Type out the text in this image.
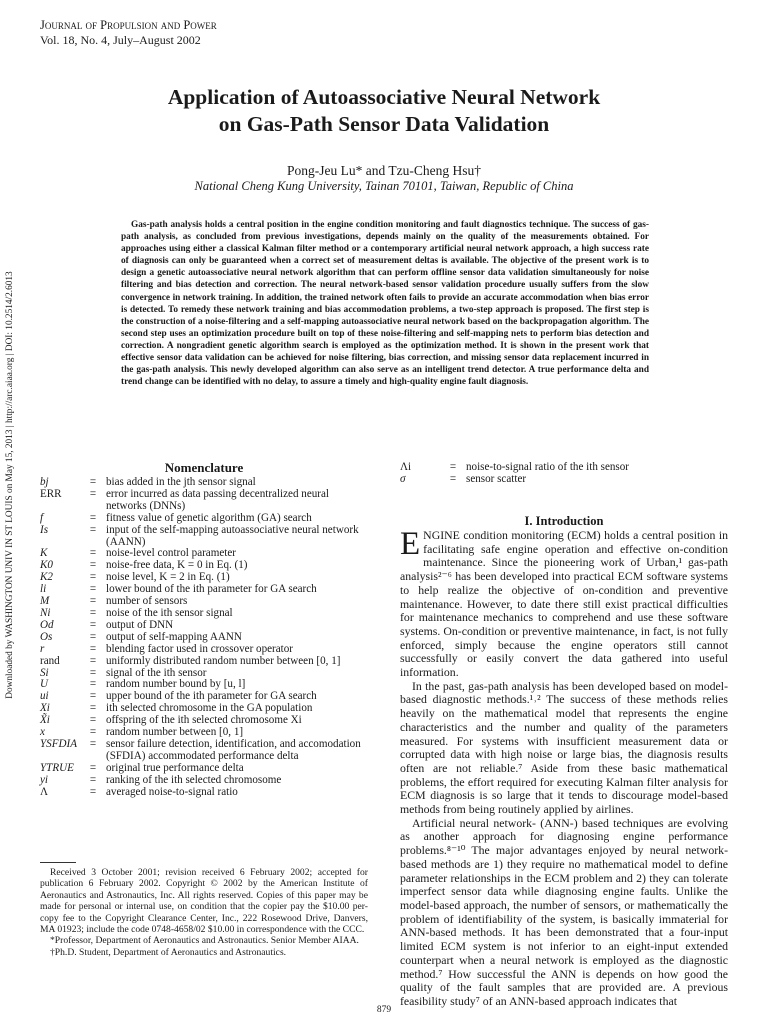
Journal of Propulsion and Power
Vol. 18, No. 4, July–August 2002
Downloaded by WASHINGTON UNIV IN ST LOUIS on May 15, 2013 | http://arc.aiaa.org | DOI: 10.2514/2.6013
Application of Autoassociative Neural Network
on Gas-Path Sensor Data Validation
Pong-Jeu Lu* and Tzu-Cheng Hsu†
National Cheng Kung University, Tainan 70101, Taiwan, Republic of China
Gas-path analysis holds a central position in the engine condition monitoring and fault diagnostics technique. The success of gas-path analysis, as concluded from previous investigations, depends mainly on the quality of the measurements obtained. For approaches using either a classical Kalman filter method or a contemporary artificial neural network approach, a high success rate of diagnosis can only be guaranteed when a correct set of measurement deltas is available. The objective of the present work is to design a genetic autoassociative neural network algorithm that can perform offline sensor data validation simultaneously for noise filtering and bias detection and correction. The neural network-based sensor validation procedure usually suffers from the slow convergence in network training. In addition, the trained network often fails to provide an accurate accommodation when bias error is detected. To remedy these network training and bias accommodation problems, a two-step approach is proposed. The first step is the construction of a noise-filtering and a self-mapping autoassociative neural network based on the backpropagation algorithm. The second step uses an optimization procedure built on top of these noise-filtering and self-mapping nets to perform bias detection and correction. A nongradient genetic algorithm search is employed as the optimization method. It is shown in the present work that effective sensor data validation can be achieved for noise filtering, bias correction, and missing sensor data replacement incurred in the gas-path analysis. This newly developed algorithm can also serve as an intelligent trend detector. A true performance delta and trend change can be identified with no delay, to assure a timely and high-quality engine fault diagnosis.
Nomenclature
bj	= bias added in the jth sensor signal
ERR	= error incurred as data passing decentralized neural networks (DNNs)
f	= fitness value of genetic algorithm (GA) search
Is	= input of the self-mapping autoassociative neural network (AANN)
K	= noise-level control parameter
K0	= noise-free data, K = 0 in Eq. (1)
K2	= noise level, K = 2 in Eq. (1)
li	= lower bound of the ith parameter for GA search
M	= number of sensors
Ni	= noise of the ith sensor signal
Od	= output of DNN
Os	= output of self-mapping AANN
r	= blending factor used in crossover operator
rand	= uniformly distributed random number between [0, 1]
Si	= signal of the ith sensor
U	= random number bound by [u, l]
ui	= upper bound of the ith parameter for GA search
Xi	= ith selected chromosome in the GA population
X̃i	= offspring of the ith selected chromosome Xi
x	= random number between [0, 1]
YSFDIA	= sensor failure detection, identification, and accomodation (SFDIA) accommodated performance delta
YTRUE	= original true performance delta
yi	= ranking of the ith selected chromosome
Λ	= averaged noise-to-signal ratio
Λi	= noise-to-signal ratio of the ith sensor
σ	= sensor scatter

Received 3 October 2001; revision received 6 February 2002; accepted for publication 6 February 2002. Copyright © 2002 by the American Institute of Aeronautics and Astronautics, Inc. All rights reserved. Copies of this paper may be made for personal or internal use, on condition that the copier pay the $10.00 per-copy fee to the Copyright Clearance Center, Inc., 222 Rosewood Drive, Danvers, MA 01923; include the code 0748-4658/02 $10.00 in correspondence with the CCC.

*Professor, Department of Aeronautics and Astronautics. Senior Member AIAA.

†Ph.D. Student, Department of Aeronautics and Astronautics.

I. Introduction

ENGINE condition monitoring (ECM) holds a central position in facilitating safe engine operation and effective on-condition maintenance. Since the pioneering work of Urban,¹ gas-path analysis²⁻⁶ has been developed into practical ECM software systems to help realize the objective of on-condition and preventive maintenance. However, to date there still exist practical difficulties for maintenance mechanics to comprehend and use these software systems. On-condition or preventive maintenance, in fact, is not fully enforced, simply because the engine operators still cannot successfully or easily convert the data gathered into useful information.

In the past, gas-path analysis has been developed based on model-based diagnostic methods.¹˒² The success of these methods relies heavily on the mathematical model that represents the engine characteristics and the number and quality of the parameters measured. For systems with insufficient measurement data or corrupted data with high noise or large bias, the diagnosis results often are not reliable.⁷ Aside from these basic mathematical problems, the effort required for executing Kalman filter analysis for ECM diagnosis is so large that it tends to discourage model-based methods from being routinely applied by airlines.

Artificial neural network- (ANN-) based techniques are evolving as another approach for diagnosing engine performance problems.⁸⁻¹⁰ The major advantages enjoyed by neural network-based methods are 1) they require no mathematical model to define parameter relationships in the ECM problem and 2) they can tolerate imperfect sensor data while diagnosing engine faults. Unlike the model-based approach, the number of sensors, or mathematically the problem of identifiability of the system, is basically immaterial for ANN-based methods. It has been demonstrated that a four-input limited ECM system is not inferior to an eight-input extended counterpart when a neural network is employed as the diagnostic method.⁷ How successful the ANN is depends on how good the quality of the fault samples that are provided are. A previous feasibility study⁷ of an ANN-based approach indicates that

879
